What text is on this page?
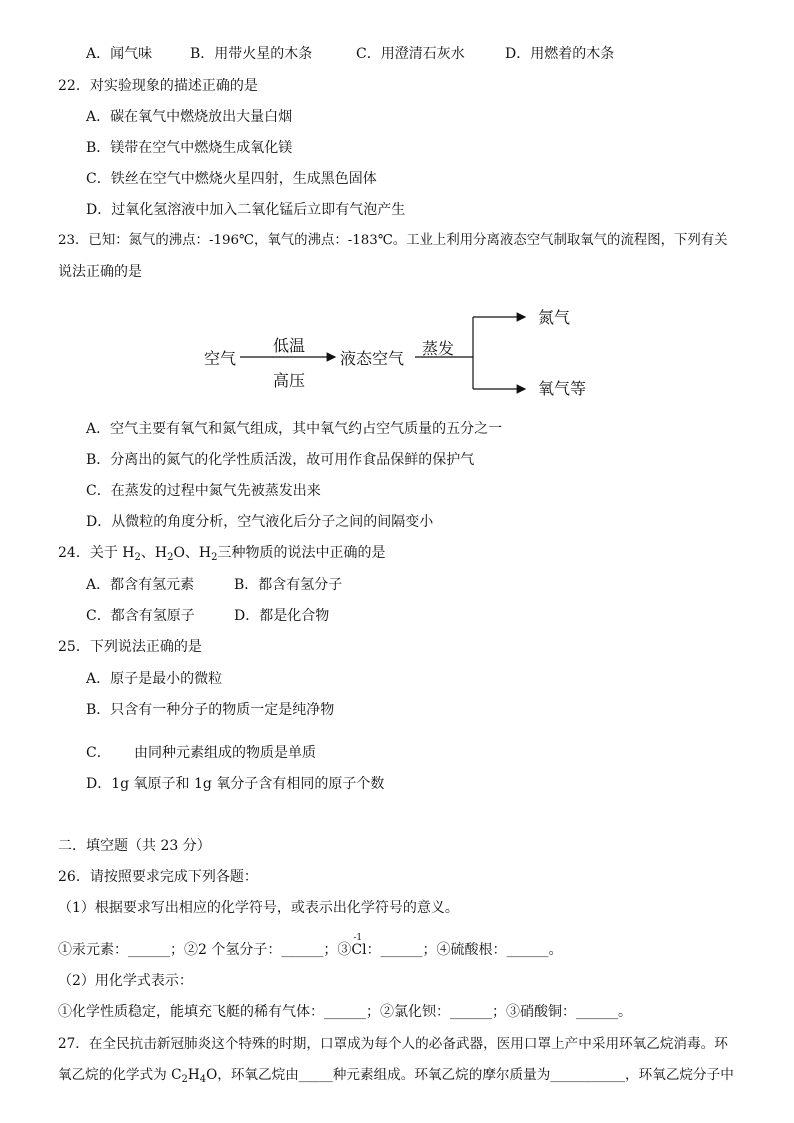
A．闻气味	B．用带火星的木条	C．用澄清石灰水	D．用燃着的木条
22．对实验现象的描述正确的是
A．碳在氧气中燃烧放出大量白烟
B．镁带在空气中燃烧生成氧化镁
C．铁丝在空气中燃烧火星四射，生成黑色固体
D．过氧化氢溶液中加入二氧化锰后立即有气泡产生
23．已知：氮气的沸点：-196℃，氧气的沸点：-183℃。工业上利用分离液态空气制取氧气的流程图，下列有关
说法正确的是
空气
低温
高压
液态空气
蒸发
氮气
氧气等
A．空气主要有氧气和氮气组成，其中氧气约占空气质量的五分之一
B．分离出的氮气的化学性质活泼，故可用作食品保鲜的保护气
C．在蒸发的过程中氮气先被蒸发出来
D．从微粒的角度分析，空气液化后分子之间的间隔变小
24．关于 $H_2$、$H_2O$、$H_2$三种物质的说法中正确的是
A．都含有氢元素	B．都含有氢分子
C．都含有氢原子	D．都是化合物
25．下列说法正确的是
A．原子是最小的微粒
B．只含有一种分子的物质一定是纯净物
C． 由同种元素组成的物质是单质
D．1g 氧原子和 1g 氧分子含有相同的原子个数
二．填空题（共 23 分）
26．请按照要求完成下列各题：
（1）根据要求写出相应的化学符号，或表示出化学符号的意义。
①汞元素：______；②2 个氢分子：______；③
-1
Cl：______；④硫酸根：______。
（2）用化学式表示：
①化学性质稳定，能填充飞艇的稀有气体：______；②氯化钡：______；③硝酸铜：______。
27．在全民抗击新冠肺炎这个特殊的时期，口罩成为每个人的必备武器，医用口罩上产中采用环氧乙烷消毒。环
氧乙烷的化学式为 $C_2H_4O$，环氧乙烷由_____种元素组成。环氧乙烷的摩尔质量为___________，环氧乙烷分子中
